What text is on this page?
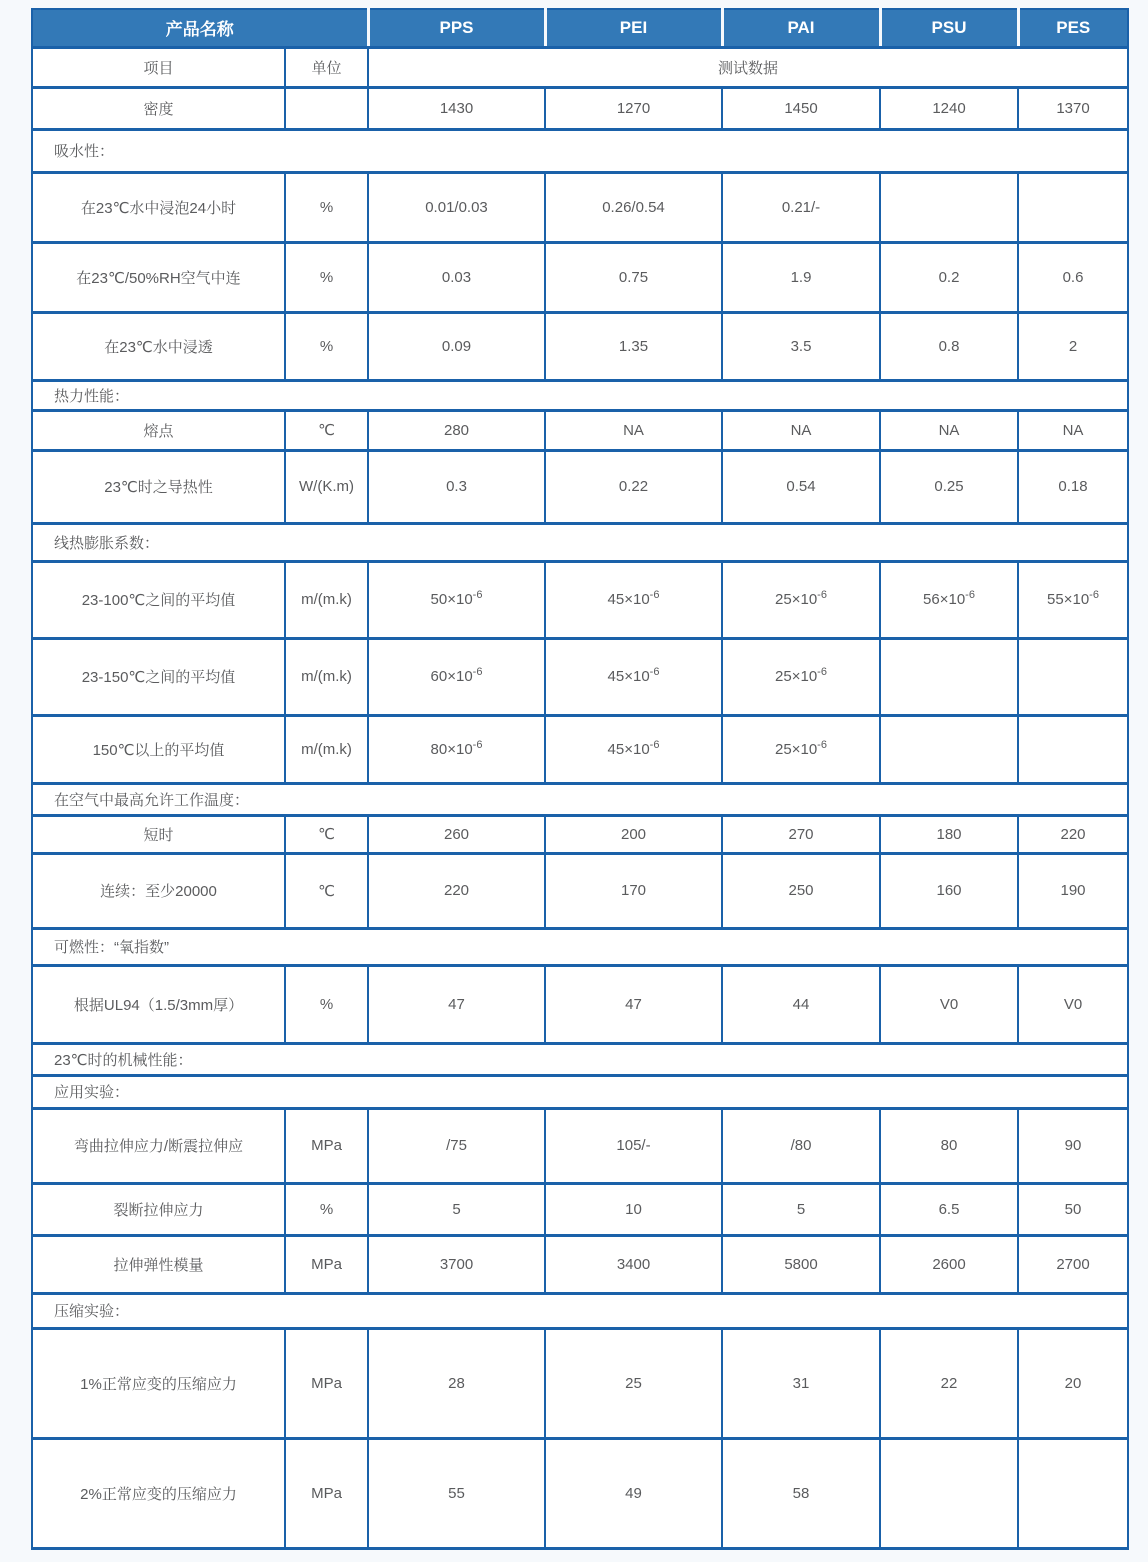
产品名称		PPS	PEI	PAI	PSU	PES
项目	单位	测试数据				
密度		1430	1270	1450	1240	1370
吸水性：						
在23℃水中浸泡24小时	%	0.01/0.03	0.26/0.54	0.21/-		
在23℃/50%RH空气中连	%	0.03	0.75	1.9	0.2	0.6
在23℃水中浸透	%	0.09	1.35	3.5	0.8	2
热力性能：						
熔点	℃	280	NA	NA	NA	NA
23℃时之导热性	W/(K.m)	0.3	0.22	0.54	0.25	0.18
线热膨胀系数：						
23-100℃之间的平均值	m/(m.k)	$50\times 10^{-6}$	$45\times 10^{-6}$	$25\times 10^{-6}$	$56\times 10^{-6}$	$55\times 10^{-6}$
23-150℃之间的平均值	m/(m.k)	$60\times 10^{-6}$	$45\times 10^{-6}$	$25\times 10^{-6}$		
150℃以上的平均值	m/(m.k)	$80\times 10^{-6}$	$45\times 10^{-6}$	$25\times 10^{-6}$		
在空气中最高允许工作温度：						
短时	℃	260	200	270	180	220
连续：至少20000	℃	220	170	250	160	190
可燃性：“氧指数”						
根据UL94（1.5/3mm厚）	%	47	47	44	V0	V0
23℃时的机械性能：						
应用实验：						
弯曲拉伸应力/断震拉伸应	MPa	/75	105/-	/80	80	90
裂断拉伸应力	%	5	10	5	6.5	50
拉伸弹性模量	MPa	3700	3400	5800	2600	2700
压缩实验：						
1%正常应变的压缩应力	MPa	28	25	31	22	20
2%正常应变的压缩应力	MPa	55	49	58		
